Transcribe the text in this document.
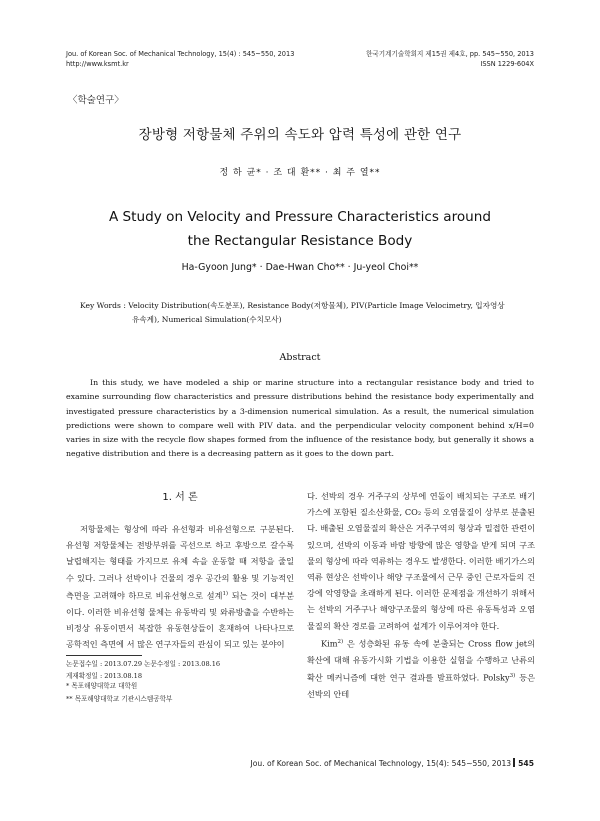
Jou. of Korean Soc. of Mechanical Technology, 15(4) : 545~550, 2013
http://www.ksmt.kr
한국기계기술학회지 제15권 제4호, pp. 545~550, 2013
ISSN 1229-604X
〈학술연구〉
장방형 저항물체 주위의 속도와 압력 특성에 관한 연구
정 하 균* · 조 대 환** · 최 주 열**
A Study on Velocity and Pressure Characteristics around
the Rectangular Resistance Body
Ha-Gyoon Jung* · Dae-Hwan Cho** · Ju-yeol Choi**
Key Words : Velocity Distribution(속도분포), Resistance Body(저항물체), PIV(Particle Image Velocimetry, 입자영상
유속계), Numerical Simulation(수치모사)
Abstract
In this study, we have modeled a ship or marine structure into a rectangular resistance body and tried to examine surrounding flow characteristics and pressure distributions behind the resistance body experimentally and investigated pressure characteristics by a 3-dimension numerical simulation. As a result, the numerical simulation predictions were shown to compare well with PIV data. and the perpendicular velocity component behind x/H=0 varies in size with the recycle flow shapes formed from the influence of the resistance body, but generally it shows a negative distribution and there is a decreasing pattern as it goes to the down part.
1. 서 론

저항물체는 형상에 따라 유선형과 비유선형으로 구분된다. 유선형 저항물체는 전방부위를 곡선으로 하고 후방으로 갈수록 날렵해지는 형태를 가지므로 유체 속을 운동할 때 저항을 줄일 수 있다. 그러나 선박이나 건물의 경우 공간의 활용 및 기능적인 측면을 고려해야 하므로 비유선형으로 설계$^{1)}$ 되는 것이 대부분이다. 이러한 비유선형 물체는 유동박리 및 와류방출을 수반하는 비정상 유동이면서 복잡한 유동현상들이 혼재하여 나타나므로 공학적인 측면에 서 많은 연구자들의 관심이 되고 있는 분야이

다. 선박의 경우 거주구의 상부에 연돌이 배치되는 구조로 배기가스에 포함된 질소산화물, CO₂ 등의 오염물질이 상부로 분출된다. 배출된 오염물질의 확산은 거주구역의 형상과 밀접한 관련이 있으며, 선박의 이동과 바람 방향에 많은 영향을 받게 되며 구조물의 형상에 따라 역류하는 경우도 발생한다. 이러한 배기가스의 역류 현상은 선박이나 해양 구조물에서 근무 중인 근로자들의 건강에 악영향을 초래하게 된다. 이러한 문제점을 개선하기 위해서는 선박의 거주구나 해양구조물의 형상에 따른 유동특성과 오염물질의 확산 경로를 고려하여 설계가 이루어져야 한다.

Kim$^{2)}$ 은 성층화된 유동 속에 분출되는 Cross flow jet의 확산에 대해 유동가시화 기법을 이용한 실험을 수행하고 난류의 확산 메커니즘에 대한 연구 결과를 발표하였다. Polsky$^{3)}$ 등은 선박의 안테

논문접수일 : 2013.07.29 논문수정일 : 2013.08.16
게재확정일 : 2013.08.18
* 목포해양대학교 대학원
** 목포해양대학교 기관시스템공학부
Jou. of Korean Soc. of Mechanical Technology, 15(4): 545~550, 2013 545
